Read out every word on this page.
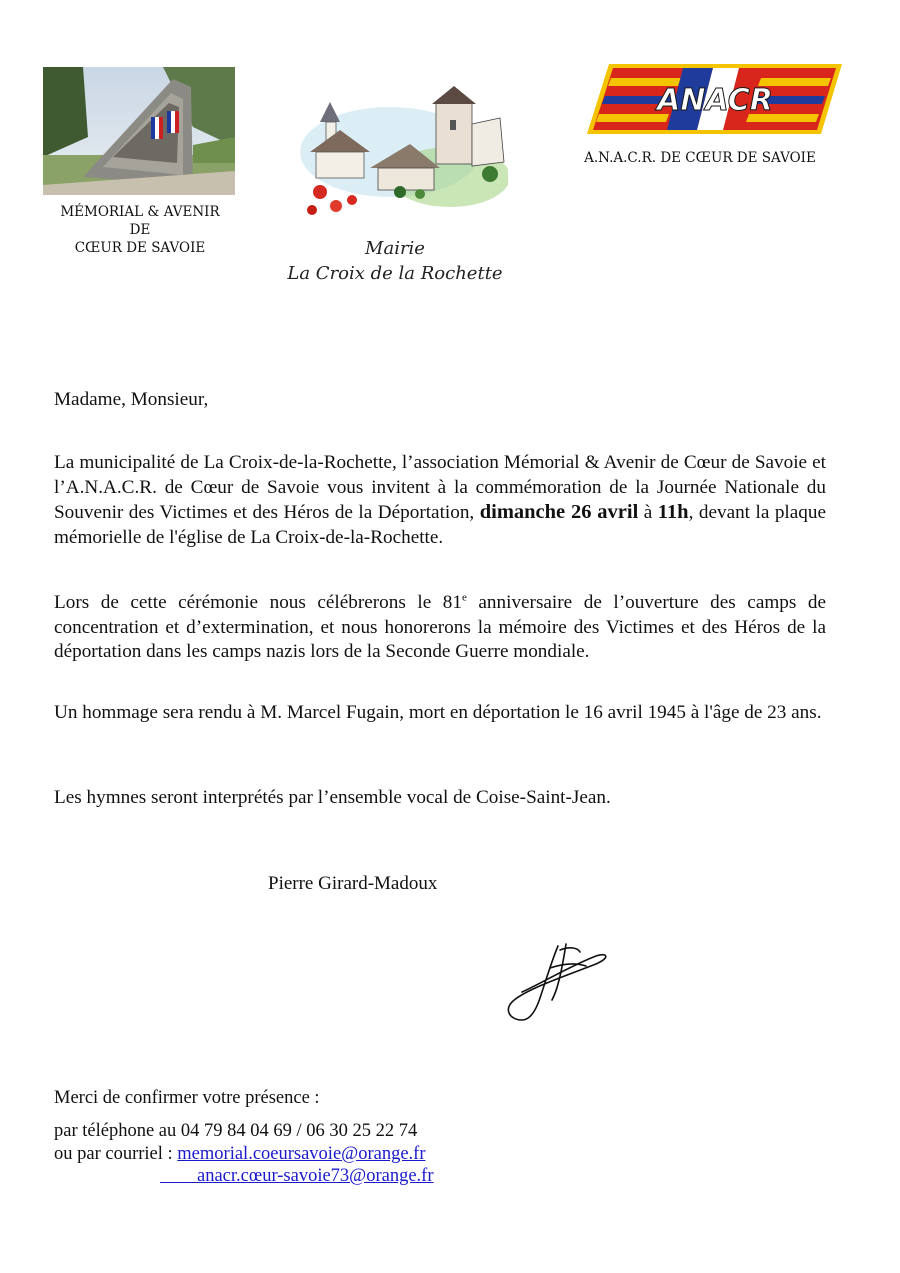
MÉMORIAL & AVENIR
DE
CŒUR DE SAVOIE	Mairie
La Croix de la Rochette
ANACR
A.N.A.C.R. DE CŒUR DE SAVOIE
Madame, Monsieur,
La municipalité de La Croix-de-la-Rochette, l’association Mémorial & Avenir de Cœur de Savoie et l’A.N.A.C.R. de Cœur de Savoie vous invitent à la commémoration de la Journée Nationale du Souvenir des Victimes et des Héros de la Déportation, dimanche 26 avril à 11h, devant la plaque mémorielle de l'église de La Croix-de-la-Rochette.
Lors de cette cérémonie nous célébrerons le 81e anniversaire de l’ouverture des camps de concentration et d’extermination, et nous honorerons la mémoire des Victimes et des Héros de la déportation dans les camps nazis lors de la Seconde Guerre mondiale.
Un hommage sera rendu à M. Marcel Fugain, mort en déportation le 16 avril 1945 à l'âge de 23 ans.
Les hymnes seront interprétés par l’ensemble vocal de Coise-Saint-Jean.
Pierre Girard-Madoux
Merci de confirmer votre présence :
par téléphone au 04 79 84 04 69 / 06 30 25 22 74
ou par courriel : memorial.coeursavoie@orange.fr
anacr.cœur-savoie73@orange.fr
